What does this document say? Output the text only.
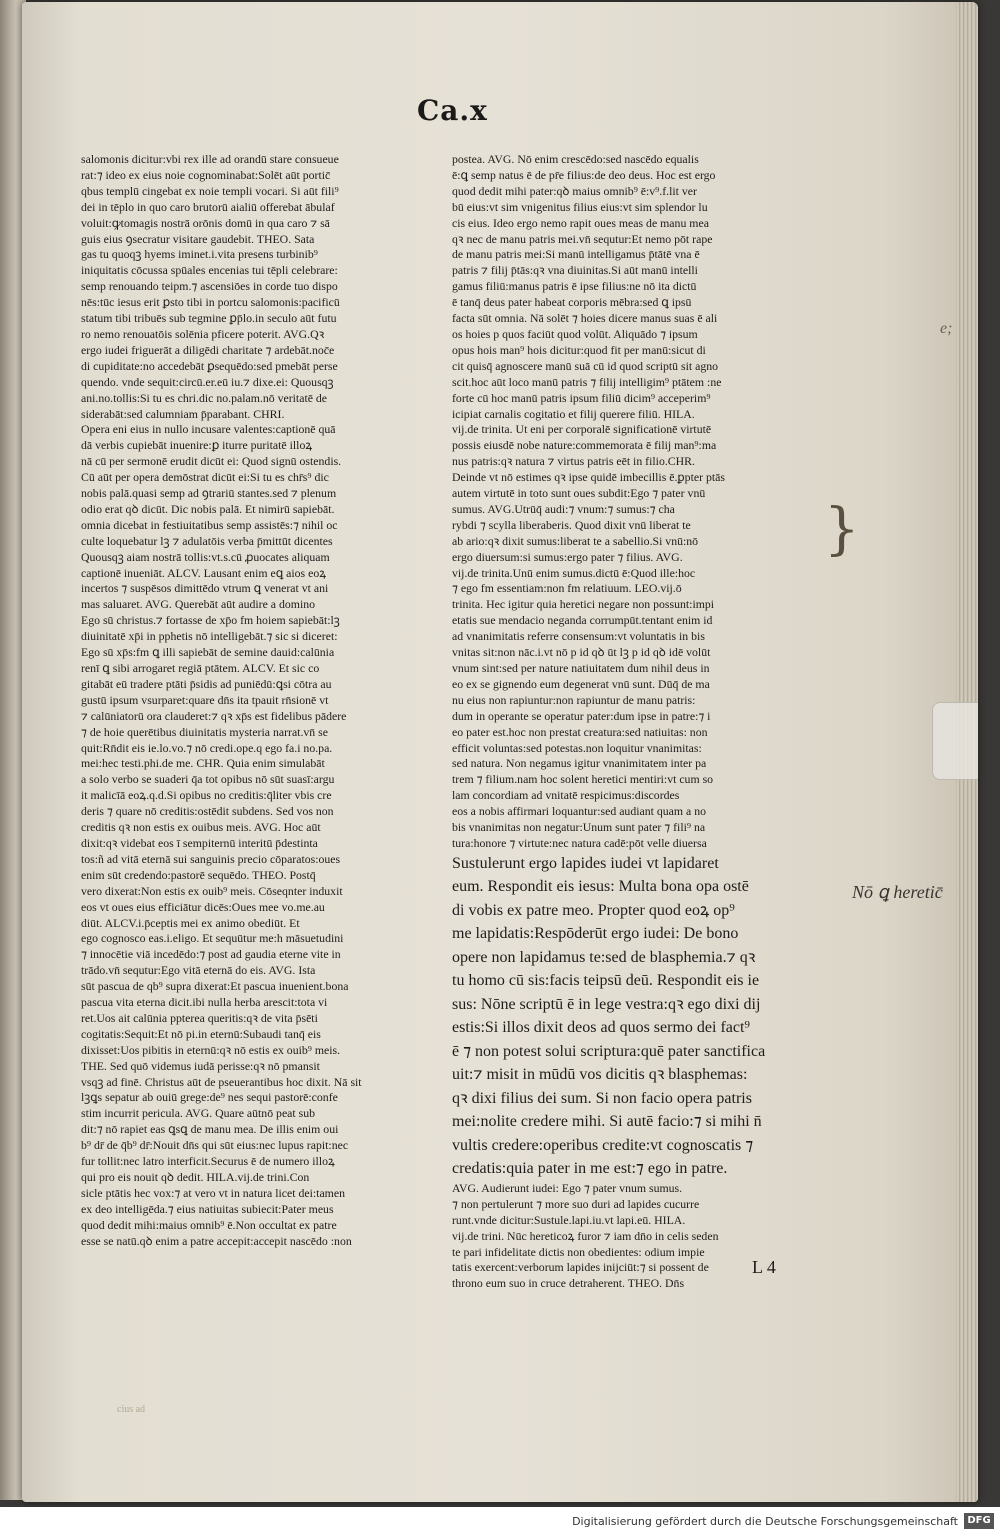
Ca.x
salomonis dicitur:vbi rex ille ad orandū stare consueue
rat:⁊ ideo ex eius noie cognominabat:Solēt aūt portic̄
qbus templū cingebat ex noie templi vocari. Si aūt fili⁹
dei in tēplo in quo caro brutorū aialiū offerebat ābulaf
voluit:ꝙtomagis nostrā orōnis domū in qua caro ⁊ sā
guis eius ꝯsecratur visitare gaudebit. THEO. Sata
gas tu quoqꝫ hyems iminet.i.vita presens turbinib⁹
iniquitatis cōcussa spūales encenias tui tēpli celebrare:
semp renouando teipm.⁊ ascensiōes in corde tuo dispo
nēs:tūc iesus erit ꝑsto tibi in portcu salomonis:pacificū
statum tibi tribuēs sub tegmine ꝑp̄lo.in seculo aūt futu
ro nemo renouatōis solēnia pficere poterit. AVG.Qꝛ
ergo iudei friguerāt a diligēdi charitate ⁊ ardebāt.noc̄e
di cupiditate:no accedebāt ꝑsequēdo:sed pmebāt perse
quendo. vnde sequit:circū.er.eū iu.⁊ dixe.ei: Quousqꝫ
ani.no.tollis:Si tu es chri.dic no.palam.nō veritatē de
siderabāt:sed calumniam p̄parabant. CHRI.
Opera eni eius in nullo incusare valentes:captionē quā
dā verbis cupiebāt inuenire:ꝑ iturre puritatē illoꝝ
nā cū per sermonē erudit dicūt ei: Quod signū ostendis.
Cū aūt per opera demōstrat dicūt ei:Si tu es chr̄s⁹ dic
nobis palā.quasi semp ad ꝯtrariū stantes.sed ⁊ plenum
odio erat qꝺ dicūt. Dic nobis palā. Et nimirū sapiebāt.
omnia dicebat in festiuitatibus semp assistēs:⁊ nihil oc
culte loquebatur lꝫ ⁊ adulatōis verba p̄mittūt dicentes
Quousqꝫ aiam nostrā tollis:vt.s.cū ꝓuocates aliquam
captionē inueniāt. ALCV. Lausant enim eꝗ aios eoꝝ
incertos ⁊ suspēsos dimittēdo vtrum ꝗ venerat vt ani
mas saluaret. AVG. Querebāt aūt audire a domino
Ego sū christus.⁊ fortasse de xp̄o fm hoiem sapiebāt:lꝫ
diuinitatē xp̄i in pphetis nō intelligebāt.⁊ sic si diceret:
Ego sū xp̄s:fm ꝗ illi sapiebāt de semine dauid:calūnia
renī ꝗ sibi arrogaret regiā ptātem. ALCV. Et sic co
gitabāt eū tradere ptāti p̄sidis ad puniēdū:ꝗsi cōtra au
gustū ipsum vsurparet:quare dn̄s ita tpauit rn̄sionē vt
⁊ calūniatorū ora clauderet:⁊ qꝛ xp̄s est fidelibus pādere
⁊ de hoie querētibus diuinitatis mysteria narrat.vn̄ se
quit:Rn̄dit eis ie.lo.vo.⁊ nō credi.ope.q ego fa.i no.pa.
mei:hec testi.phi.de me. CHR. Quia enim simulabāt
a solo verbo se suaderi q̄a tot opibus nō sūt suasī:argu
it malicīā eoꝝ.q.d.Si opibus no creditis:q̄liter vbis cre
deris ⁊ quare nō creditis:ostēdit subdens. Sed vos non
creditis qꝛ non estis ex ouibus meis. AVG. Hoc aūt
dixit:qꝛ videbat eos ī sempiternū interitū p̄destinta
tos:ñ ad vitā eternā sui sanguinis precio cōparatos:oues
enim sūt credendo:pastorē sequēdo. THEO. Postq̄
vero dixerat:Non estis ex ouib⁹ meis. Cōseqnter induxit
eos vt oues eius efficiātur dicēs:Oues mee vo.me.au
diūt. ALCV.i.p̄ceptis mei ex animo obediūt. Et
ego cognosco eas.i.eligo. Et sequūtur me:h māsuetudini
⁊ innocētie viā incedēdo:⁊ post ad gaudia eterne vite in
trādo.vn̄ sequtur:Ego vitā eternā do eis. AVG. Ista
sūt pascua de qb⁹ supra dixerat:Et pascua inuenient.bona
pascua vita eterna dicit.ibi nulla herba arescit:tota vi
ret.Uos ait calūnia ppterea queritis:qꝛ de vita p̄sēti
cogitatis:Sequit:Et nō pi.in eternū:Subaudi tanq̄ eis
dixisset:Uos pibitis in eternū:qꝛ nō estis ex ouib⁹ meis.
THE. Sed quō videmus iudā perisse:qꝛ nō pmansit
vsqꝫ ad finē. Christus aūt de pseuerantibus hoc dixit. Nā sit
lꝫꝗs sepatur ab ouiū grege:de⁹ nes sequi pastorē:confe
stim incurrit pericula. AVG. Quare aūtnō peat sub
dit:⁊ nō rapiet eas ꝗsꝗ de manu mea. De illis enim oui
b⁹ dr̄ de q̄b⁹ dr̄:Nouit dn̄s qui sūt eius:nec lupus rapit:nec
fur tollit:nec latro interficit.Securus ē de numero illoꝝ
qui pro eis nouit qꝺ dedit. HILA.vij.de trini.Con
sicle ptātis hec vox:⁊ at vero vt in natura licet dei:tamen
ex deo intelligēda.⁊ eius natiuitas subiecit:Pater meus
quod dedit mihi:maius omnib⁹ ē.Non occultat ex patre
esse se natū.qꝺ enim a patre accepit:accepit nascēdo :non
postea. AVG. Nō enim crescēdo:sed nascēdo equalis
ē:ꝗ semp natus ē de pr̄e filius:de deo deus. Hoc est ergo
quod dedit mihi pater:qꝺ maius omnib⁹ ē:v⁹.f.lit ver
bū eius:vt sim vnigenitus filius eius:vt sim splendor lu
cis eius. Ideo ergo nemo rapit oues meas de manu mea
qꝛ nec de manu patris mei.vn̄ sequtur:Et nemo pōt rape
de manu patris mei:Si manū intelligamus p̄tātē vna ē
patris ⁊ filij p̄tās:qꝛ vna diuinitas.Si aūt manū intelli
gamus filiū:manus patris ē ipse filius:ne nō ita dictū
ē tanq̄ deus pater habeat corporis mēbra:sed ꝗ ipsū
facta sūt omnia. Nā solēt ⁊ hoies dicere manus suas ē ali
os hoies p quos faciūt quod volūt. Aliquādo ⁊ ipsum
opus hois man⁹ hois dicitur:quod fit per manū:sicut di
cit quisq̄ agnoscere manū suā cū id quod scriptū sit agno
scit.hoc aūt loco manū patris ⁊ filij intelligim⁹ ptātem :ne
forte cū hoc manū patris ipsum filiū dicim⁹ acceperim⁹
icipiat carnalis cogitatio et filij querere filiū. HILA.
vij.de trinita. Ut eni per corporalē significationē virtutē
possis eiusdē nobe nature:commemorata ē filij man⁹:ma
nus patris:qꝛ natura ⁊ virtus patris eēt in filio.CHR.
Deinde vt nō estimes qꝛ ipse quidē imbecillis ē.ꝑpter ptās
autem virtutē in toto sunt oues subdit:Ego ⁊ pater vnū
sumus. AVG.Utrūq̄ audi:⁊ vnum:⁊ sumus:⁊ cha
rybdi ⁊ scylla liberaberis. Quod dixit vnū liberat te
ab ario:qꝛ dixit sumus:liberat te a sabellio.Si vnū:nō
ergo diuersum:si sumus:ergo pater ⁊ filius. AVG.
vij.de trinita.Unū enim sumus.dictū ē:Quod ille:hoc
⁊ ego fm essentiam:non fm relatiuum. LEO.vij.ō
trinita. Hec igitur quia heretici negare non possunt:impi
etatis sue mendacio neganda corrumpūt.tentant enim id
ad vnanimitatis referre consensum:vt voluntatis in bis
vnitas sit:non nāc.i.vt nō p id qꝺ ūt lꝫ p id qꝺ idē volūt
vnum sint:sed per nature natiuitatem dum nihil deus in
eo ex se gignendo eum degenerat vnū sunt. Dūq̄ de ma
nu eius non rapiuntur:non rapiuntur de manu patris:
dum in operante se operatur pater:dum ipse in patre:⁊ i
eo pater est.hoc non prestat creatura:sed natiuitas: non
efficit voluntas:sed potestas.non loquitur vnanimitas:
sed natura. Non negamus igitur vnanimitatem inter pa
trem ⁊ filium.nam hoc solent heretici mentiri:vt cum so
lam concordiam ad vnitatē respicimus:discordes
eos a nobis affirmari loquantur:sed audiant quam a no
bis vnanimitas non negatur:Unum sunt pater ⁊ fili⁹ na
tura:honore ⁊ virtute:nec natura cadē:pōt velle diuersa
Sustulerunt ergo lapides iudei vt lapidaret
eum. Respondit eis iesus: Multa bona opa ostē
di vobis ex patre meo. Propter quod eoꝝ op⁹
me lapidatis:Respōderūt ergo iudei: De bono
opere non lapidamus te:sed de blasphemia.⁊ qꝛ
tu homo cū sis:facis teipsū deū. Respondit eis ie
sus: Nōne scriptū ē in lege vestra:qꝛ ego dixi dij
estis:Si illos dixit deos ad quos sermo dei fact⁹
ē ⁊ non potest solui scriptura:quē pater sanctifica
uit:⁊ misit in mūdū vos dicitis qꝛ blasphemas:
qꝛ dixi filius dei sum. Si non facio opera patris
mei:nolite credere mihi. Si autē facio:⁊ si mihi n̄
vultis credere:operibus credite:vt cognoscatis ⁊
credatis:quia pater in me est:⁊ ego in patre.
AVG. Audierunt iudei: Ego ⁊ pater vnum sumus.
⁊ non pertulerunt ⁊ more suo duri ad lapides cucurre
runt.vnde dicitur:Sustule.lapi.iu.vt lapi.eū. HILA.
vij.de trini. Nūc hereticoꝝ furor ⁊ iam dn̄o in celis seden
te pari infidelitate dictis non obedientes: odium impie
tatis exercent:verborum lapides inijciūt:⁊ si possent de
throno eum suo in cruce detraherent. THEO. Dn̄s
L 4
Nō ꝗ heretic̄
}
e;
cius ad
Digitalisierung gefördert durch die Deutsche Forschungsgemeinschaft DFG
